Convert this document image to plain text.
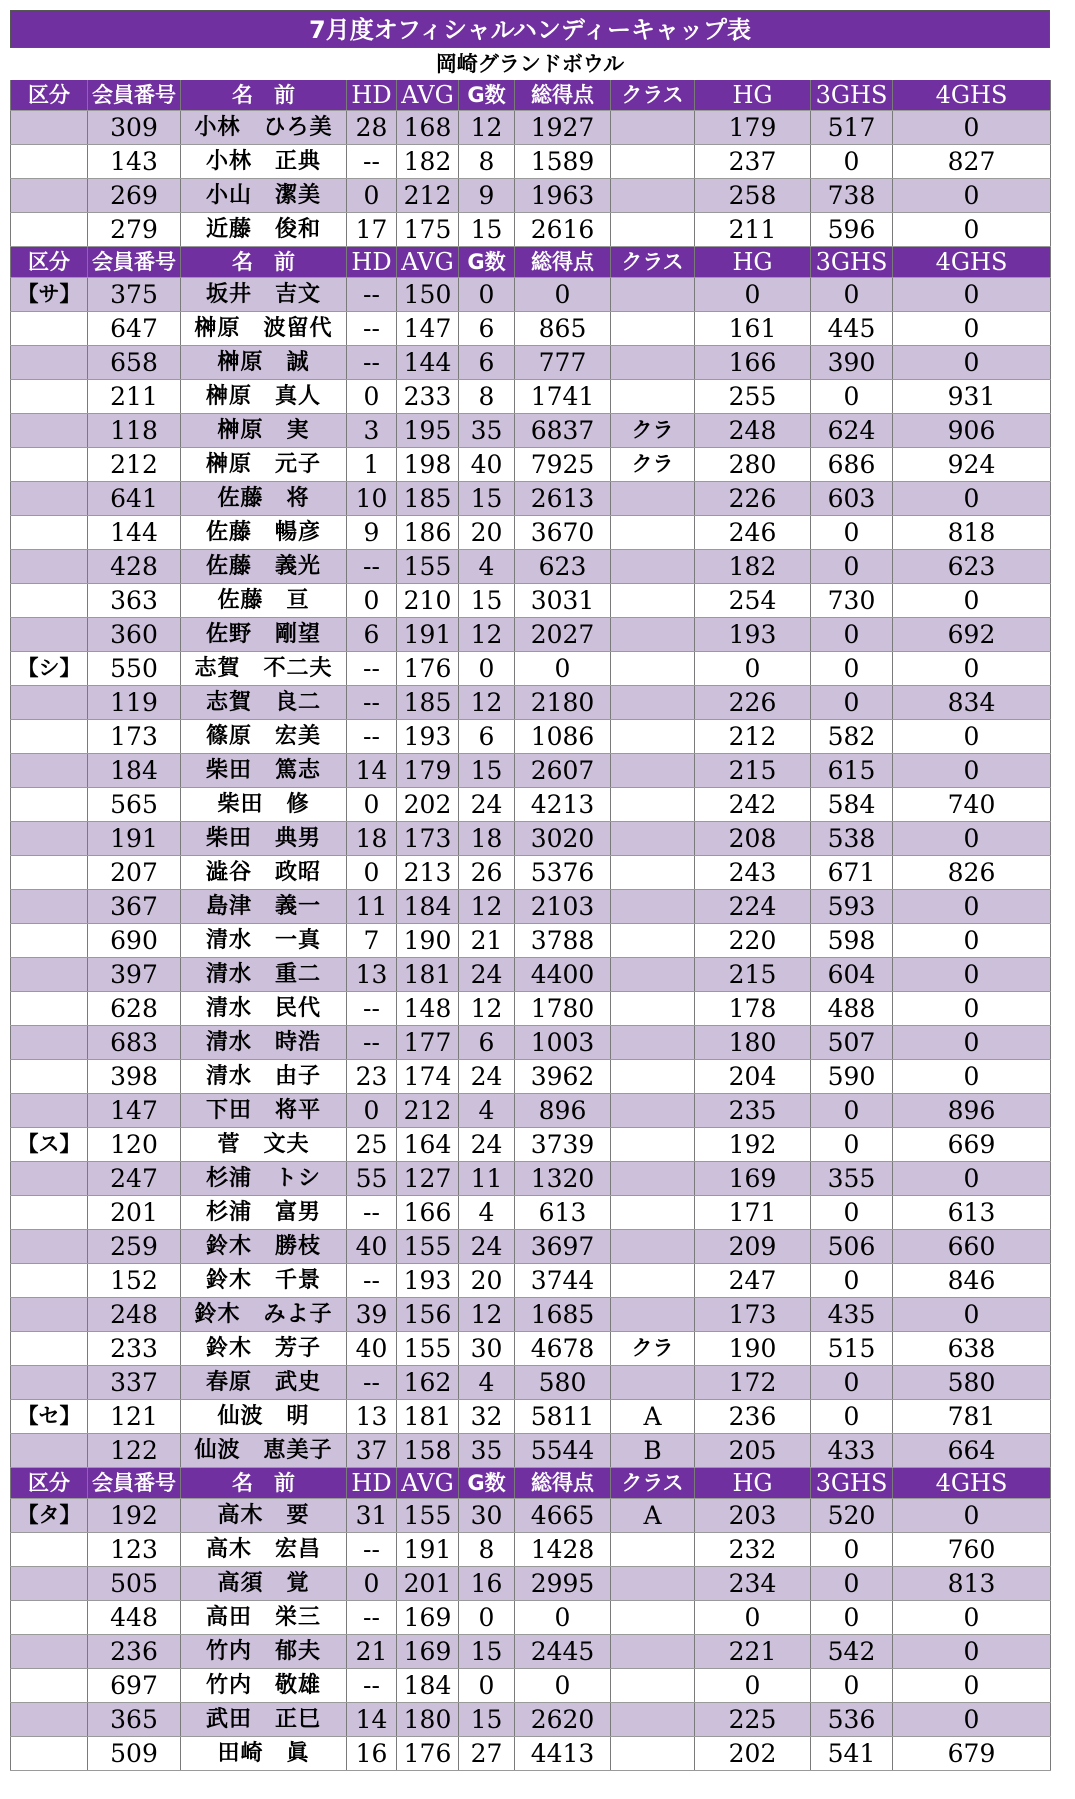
7月度オフィシャルハンディーキャップ表
岡崎グランドボウル
区分	会員番号	名　前	HD	AVG	G数	総得点	クラス	HG	3GHS	4GHS
	309	小林　ひろ美	28	168	12	1927		179	517	0
	143	小林　正典	--	182	8	1589		237	0	827
	269	小山　潔美	0	212	9	1963		258	738	0
	279	近藤　俊和	17	175	15	2616		211	596	0
区分	会員番号	名　前	HD	AVG	G数	総得点	クラス	HG	3GHS	4GHS
【サ】	375	坂井　吉文	--	150	0	0		0	0	0
	647	榊原　波留代	--	147	6	865		161	445	0
	658	榊原　誠	--	144	6	777		166	390	0
	211	榊原　真人	0	233	8	1741		255	0	931
	118	榊原　実	3	195	35	6837	クラ	248	624	906
	212	榊原　元子	1	198	40	7925	クラ	280	686	924
	641	佐藤　将	10	185	15	2613		226	603	0
	144	佐藤　暢彦	9	186	20	3670		246	0	818
	428	佐藤　義光	--	155	4	623		182	0	623
	363	佐藤　亘	0	210	15	3031		254	730	0
	360	佐野　剛望	6	191	12	2027		193	0	692
【シ】	550	志賀　不二夫	--	176	0	0		0	0	0
	119	志賀　良二	--	185	12	2180		226	0	834
	173	篠原　宏美	--	193	6	1086		212	582	0
	184	柴田　篤志	14	179	15	2607		215	615	0
	565	柴田　修	0	202	24	4213		242	584	740
	191	柴田　典男	18	173	18	3020		208	538	0
	207	澁谷　政昭	0	213	26	5376		243	671	826
	367	島津　義一	11	184	12	2103		224	593	0
	690	清水　一真	7	190	21	3788		220	598	0
	397	清水　重二	13	181	24	4400		215	604	0
	628	清水　民代	--	148	12	1780		178	488	0
	683	清水　時浩	--	177	6	1003		180	507	0
	398	清水　由子	23	174	24	3962		204	590	0
	147	下田　将平	0	212	4	896		235	0	896
【ス】	120	菅　文夫	25	164	24	3739		192	0	669
	247	杉浦　トシ	55	127	11	1320		169	355	0
	201	杉浦　富男	--	166	4	613		171	0	613
	259	鈴木　勝枝	40	155	24	3697		209	506	660
	152	鈴木　千景	--	193	20	3744		247	0	846
	248	鈴木　みよ子	39	156	12	1685		173	435	0
	233	鈴木　芳子	40	155	30	4678	クラ	190	515	638
	337	春原　武史	--	162	4	580		172	0	580
【セ】	121	仙波　明	13	181	32	5811	A	236	0	781
	122	仙波　恵美子	37	158	35	5544	B	205	433	664
区分	会員番号	名　前	HD	AVG	G数	総得点	クラス	HG	3GHS	4GHS
【タ】	192	高木　要	31	155	30	4665	A	203	520	0
	123	高木　宏昌	--	191	8	1428		232	0	760
	505	高須　覚	0	201	16	2995		234	0	813
	448	高田　栄三	--	169	0	0		0	0	0
	236	竹内　郁夫	21	169	15	2445		221	542	0
	697	竹内　敬雄	--	184	0	0		0	0	0
	365	武田　正巳	14	180	15	2620		225	536	0
	509	田崎　眞	16	176	27	4413		202	541	679
